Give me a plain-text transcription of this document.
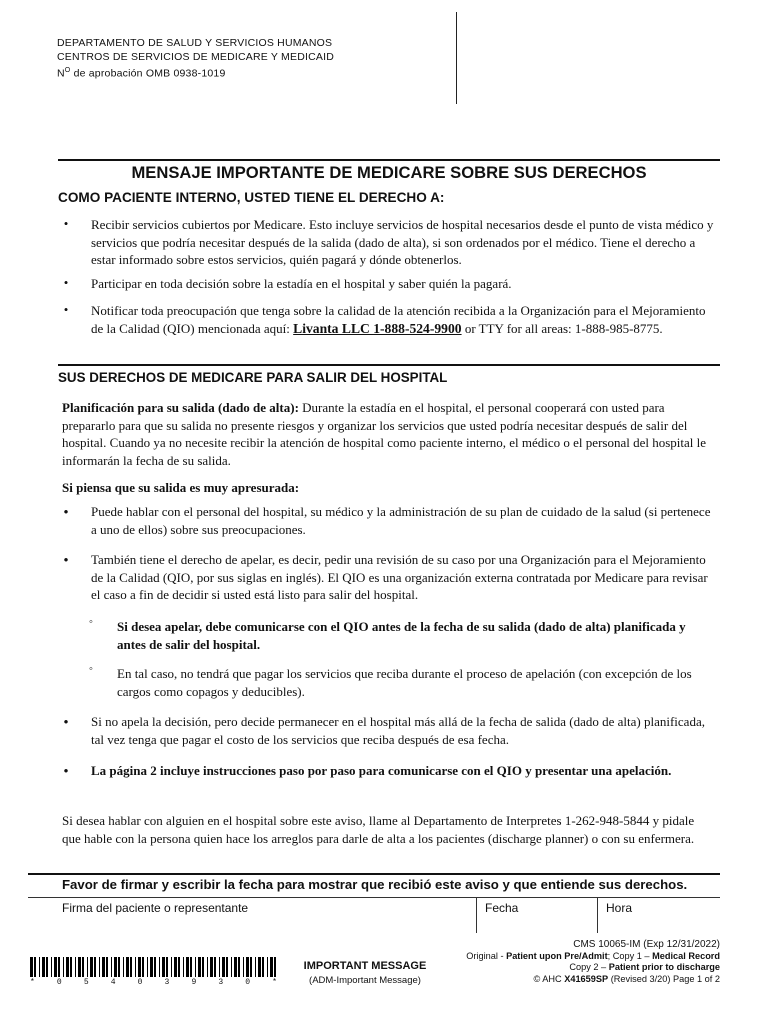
DEPARTAMENTO DE SALUD Y SERVICIOS HUMANOS
CENTROS DE SERVICIOS DE MEDICARE Y MEDICAID
$N^O$ de aprobación OMB 0938-1019
MENSAJE IMPORTANTE DE MEDICARE SOBRE SUS DERECHOS
COMO PACIENTE INTERNO, USTED TIENE EL DERECHO A:
• Recibir servicios cubiertos por Medicare. Esto incluye servicios de hospital necesarios desde el punto de vista médico y servicios que podría necesitar después de la salida (dado de alta), si son ordenados por el médico. Tiene el derecho a estar informado sobre estos servicios, quién pagará y dónde obtenerlos.
• Participar en toda decisión sobre la estadía en el hospital y saber quién la pagará.
• Notificar toda preocupación que tenga sobre la calidad de la atención recibida a la Organización para el Mejoramiento de la Calidad (QIO) mencionada aquí: Livanta LLC 1-888-524-9900 or TTY for all areas: 1-888-985-8775.
SUS DERECHOS DE MEDICARE PARA SALIR DEL HOSPITAL
Planificación para su salida (dado de alta): Durante la estadía en el hospital, el personal cooperará con usted para prepararlo para que su salida no presente riesgos y organizar los servicios que usted podría necesitar después de salir del hospital. Cuando ya no necesite recibir la atención de hospital como paciente interno, el médico o el personal del hospital le informarán la fecha de su salida.
Si piensa que su salida es muy apresurada:
• Puede hablar con el personal del hospital, su médico y la administración de su plan de cuidado de la salud (si pertenece a uno de ellos) sobre sus preocupaciones.
• También tiene el derecho de apelar, es decir, pedir una revisión de su caso por una Organización para el Mejoramiento de la Calidad (QIO, por sus siglas en inglés). El QIO es una organización externa contratada por Medicare para revisar el caso a fin de decidir si usted está listo para salir del hospital.
◦ Si desea apelar, debe comunicarse con el QIO antes de la fecha de su salida (dado de alta) planificada y antes de salir del hospital.
◦ En tal caso, no tendrá que pagar los servicios que reciba durante el proceso de apelación (con excepción de los cargos como copagos y deducibles).
• Si no apela la decisión, pero decide permanecer en el hospital más allá de la fecha de salida (dado de alta) planificada, tal vez tenga que pagar el costo de los servicios que reciba después de esa fecha.
• La página 2 incluye instrucciones paso por paso para comunicarse con el QIO y presentar una apelación.
Si desea hablar con alguien en el hospital sobre este aviso, llame al Departamento de Interpretes 1-262-948-5844 y pidale que hable con la persona quien hace los arreglos para darle de alta a los pacientes (discharge planner) o con su enfermera.
Favor de firmar y escribir la fecha para mostrar que recibió este aviso y que entiende sus derechos.
Firma del paciente o representante	Fecha	Hora
*	0	5	4	0	3	9	3	0	*
IMPORTANT MESSAGE
(ADM-Important Message)
CMS 10065-IM (Exp 12/31/2022)
Original - Patient upon Pre/Admit; Copy 1 – Medical Record
Copy 2 – Patient prior to discharge
© AHC X41659SP (Revised 3/20) Page 1 of 2
